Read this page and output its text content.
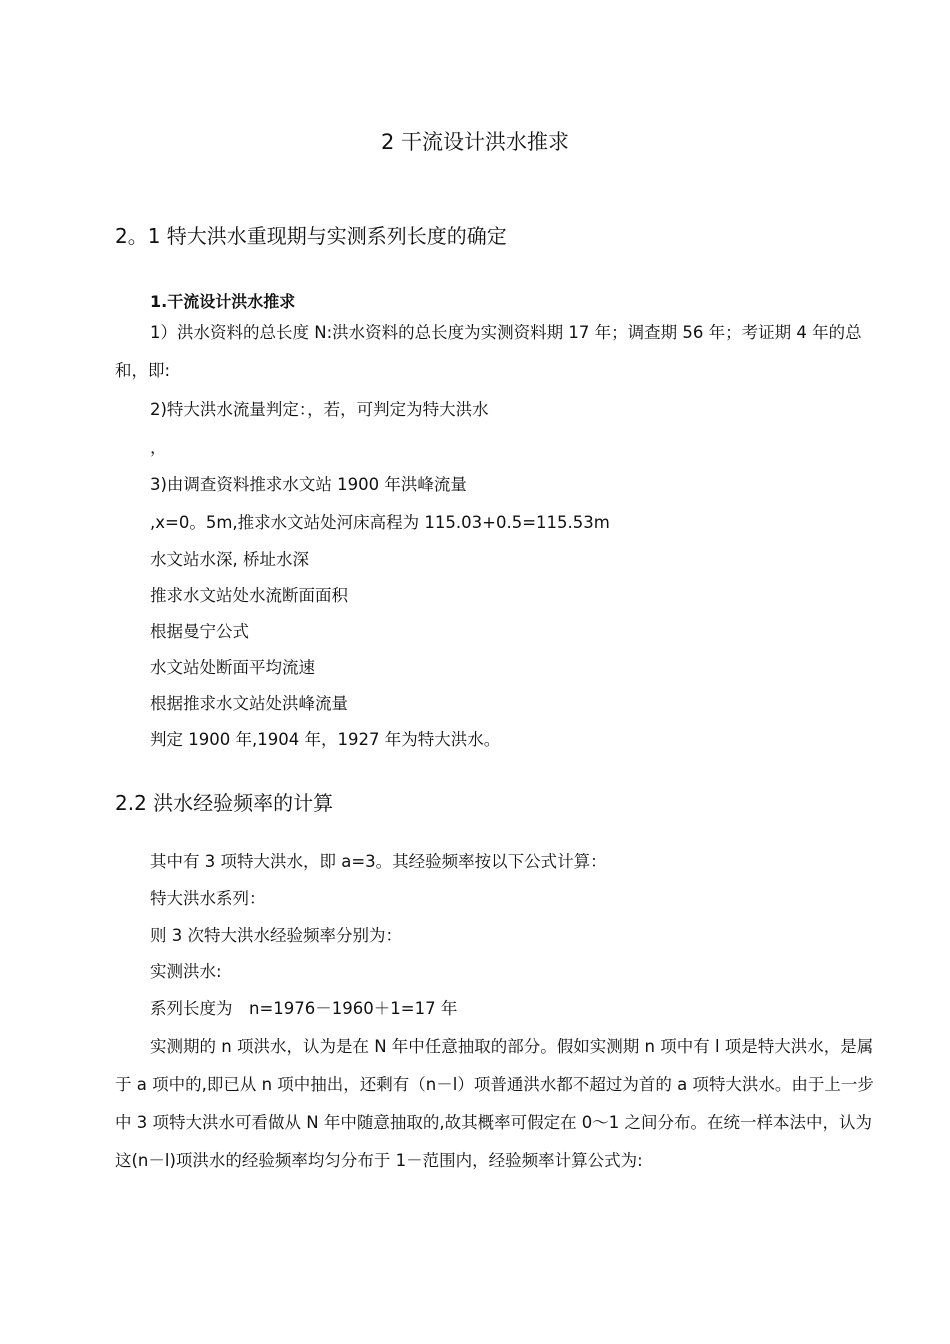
2 干流设计洪水推求
2。1 特大洪水重现期与实测系列长度的确定
1.干流设计洪水推求
1）洪水资料的总长度 N:洪水资料的总长度为实测资料期 17 年；调查期 56 年；考证期 4 年的总和，即:
2)特大洪水流量判定：，若，可判定为特大洪水
，
3)由调查资料推求水文站 1900 年洪峰流量
,x=0。5m,推求水文站处河床高程为 115.03+0.5=115.53m
水文站水深, 桥址水深
推求水文站处水流断面面积
根据曼宁公式
水文站处断面平均流速
根据推求水文站处洪峰流量
判定 1900 年,1904 年，1927 年为特大洪水。
2.2 洪水经验频率的计算
其中有 3 项特大洪水，即 a=3。其经验频率按以下公式计算：
特大洪水系列：
则 3 次特大洪水经验频率分别为：
实测洪水:
系列长度为　n=1976－1960＋1=17 年
实测期的 n 项洪水，认为是在 N 年中任意抽取的部分。假如实测期 n 项中有 l 项是特大洪水，是属于 a 项中的,即已从 n 项中抽出，还剩有（n－l）项普通洪水都不超过为首的 a 项特大洪水。由于上一步中 3 项特大洪水可看做从 N 年中随意抽取的,故其概率可假定在 0～1 之间分布。在统一样本法中，认为这(n－l)项洪水的经验频率均匀分布于 1－范围内，经验频率计算公式为:
